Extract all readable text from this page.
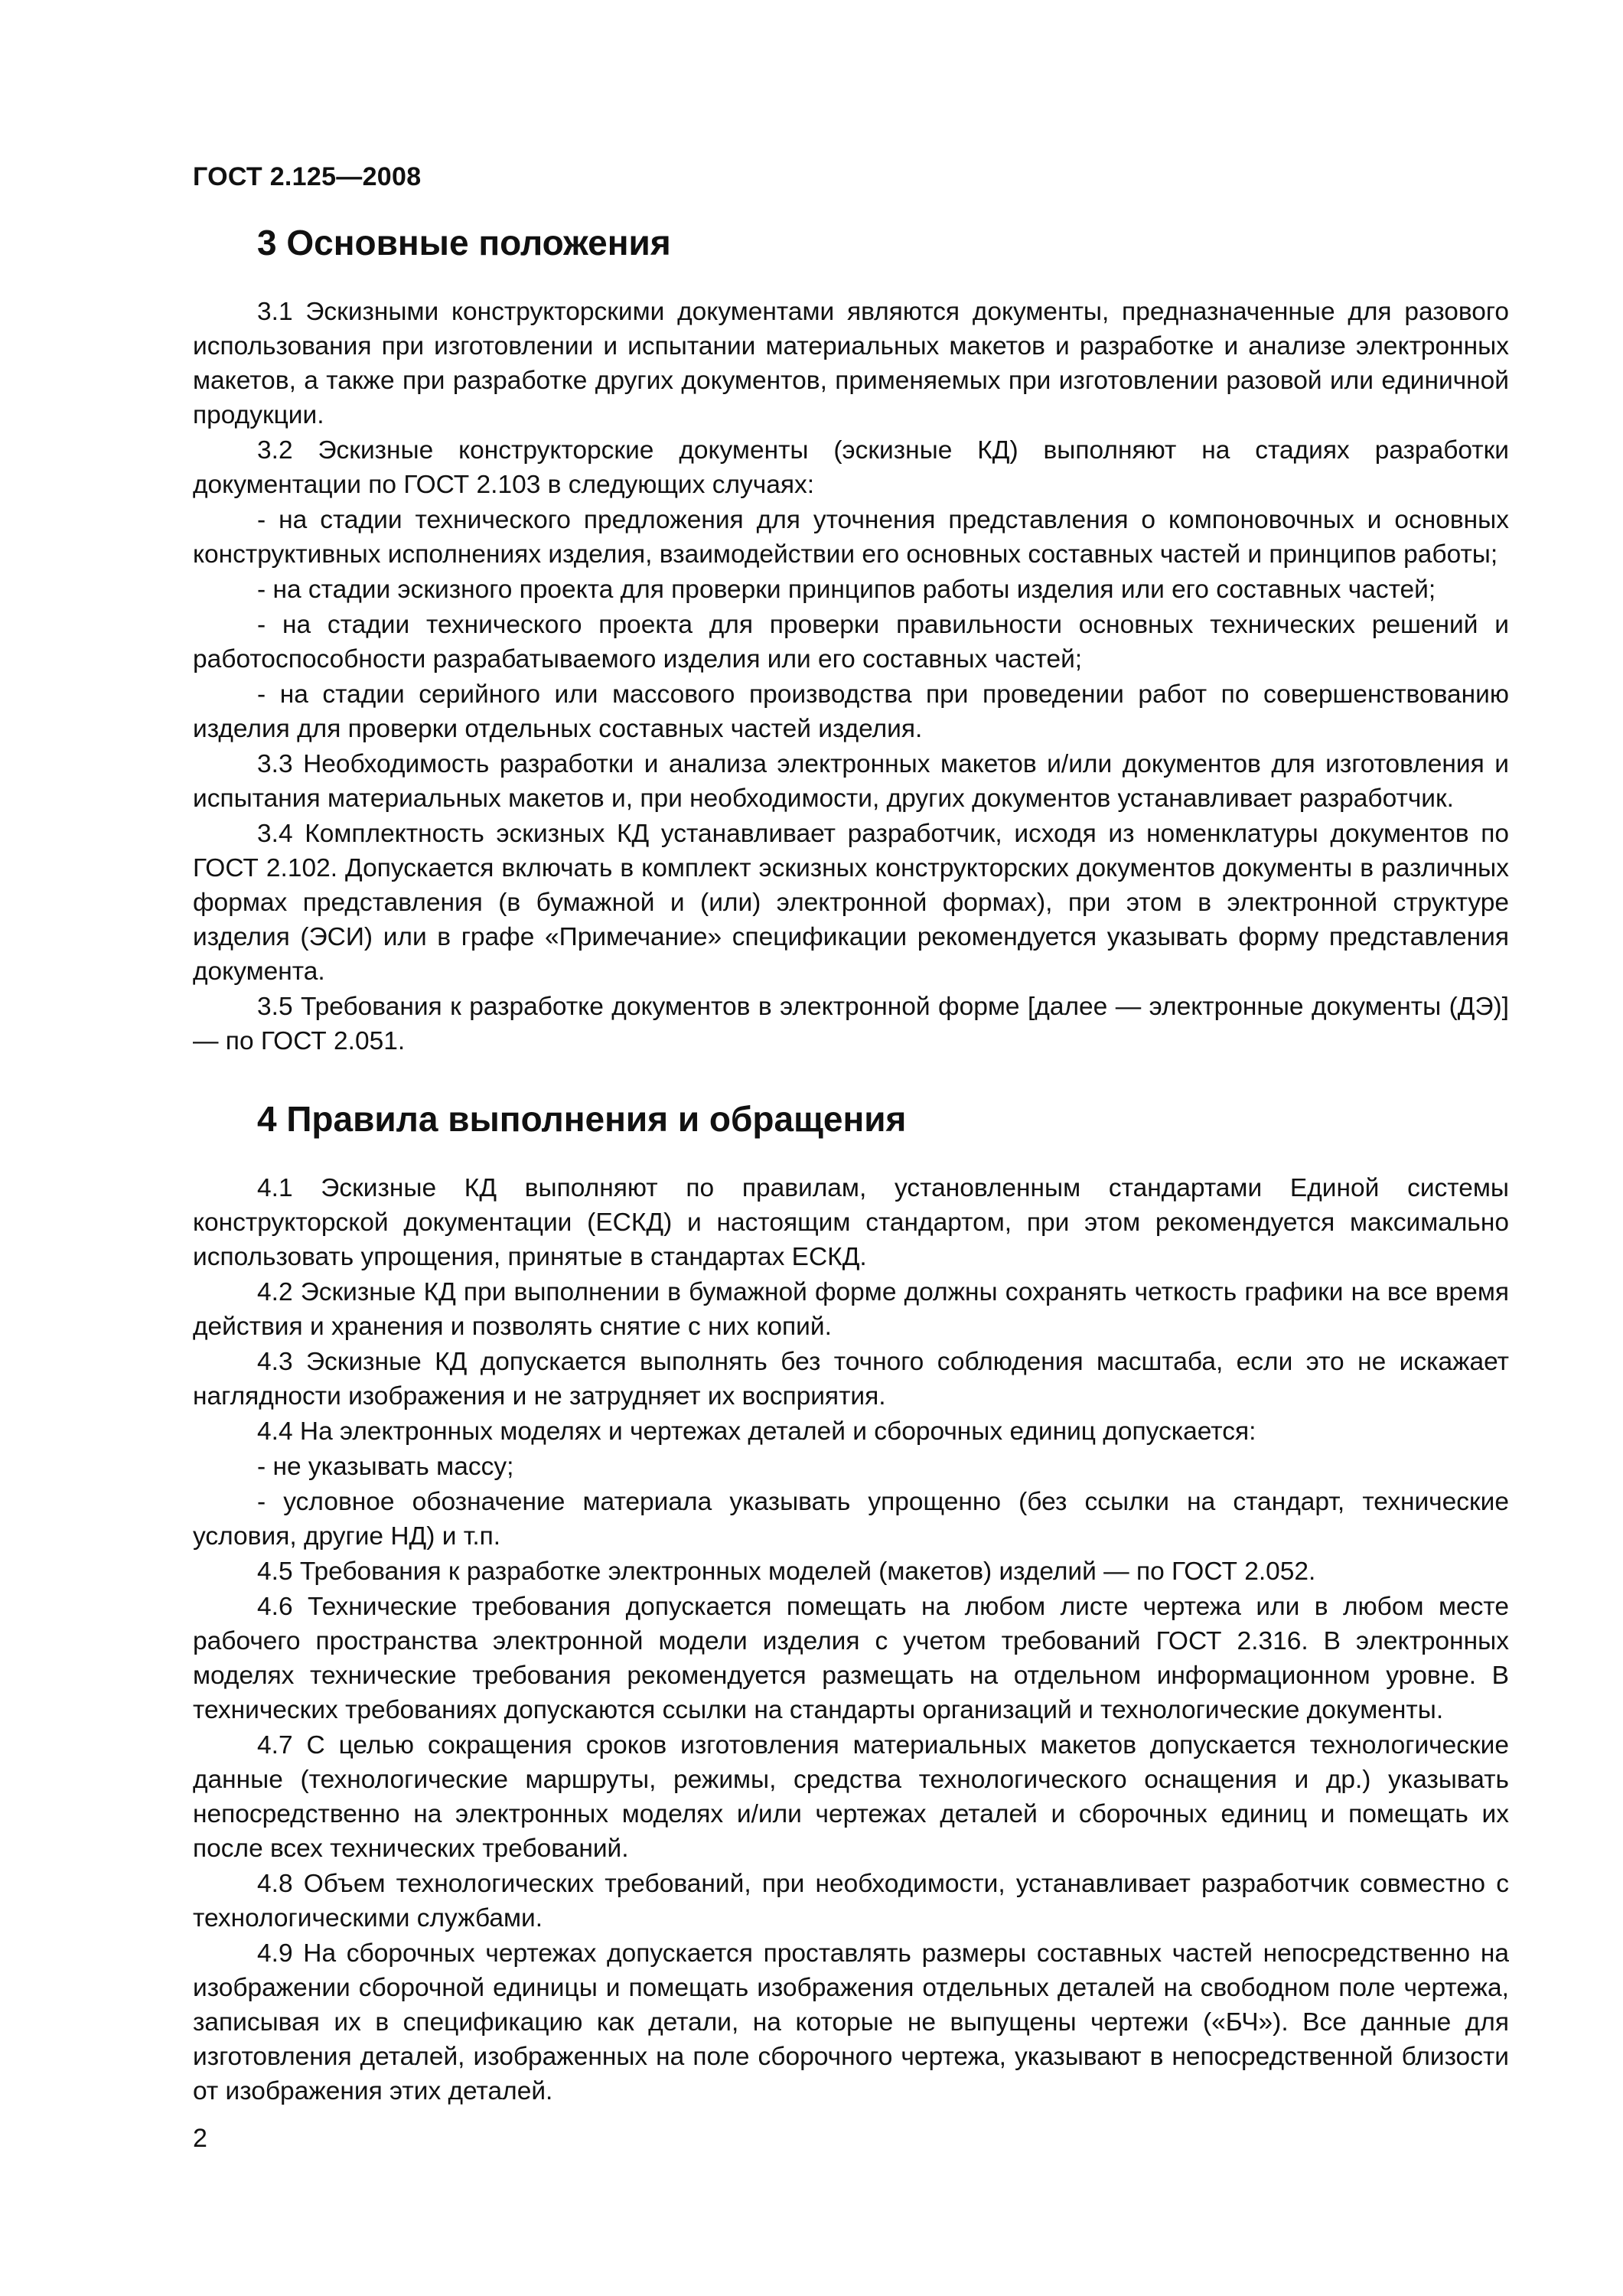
ГОСТ 2.125—2008
3 Основные положения

3.1 Эскизными конструкторскими документами являются документы, предназначенные для разового использования при изготовлении и испытании материальных макетов и разработке и анализе электронных макетов, а также при разработке других документов, применяемых при изготовлении разовой или единичной продукции.

3.2 Эскизные конструкторские документы (эскизные КД) выполняют на стадиях разработки документации по ГОСТ 2.103 в следующих случаях:

- на стадии технического предложения для уточнения представления о компоновочных и основных конструктивных исполнениях изделия, взаимодействии его основных составных частей и принципов работы;

- на стадии эскизного проекта для проверки принципов работы изделия или его составных частей;

- на стадии технического проекта для проверки правильности основных технических решений и работоспособности разрабатываемого изделия или его составных частей;

- на стадии серийного или массового производства при проведении работ по совершенствованию изделия для проверки отдельных составных частей изделия.

3.3 Необходимость разработки и анализа электронных макетов и/или документов для изготовления и испытания материальных макетов и, при необходимости, других документов устанавливает разработчик.

3.4 Комплектность эскизных КД устанавливает разработчик, исходя из номенклатуры документов по ГОСТ 2.102. Допускается включать в комплект эскизных конструкторских документов документы в различных формах представления (в бумажной и (или) электронной формах), при этом в электронной структуре изделия (ЭСИ) или в графе «Примечание» спецификации рекомендуется указывать форму представления документа.

3.5 Требования к разработке документов в электронной форме [далее — электронные документы (ДЭ)] — по ГОСТ 2.051.

4 Правила выполнения и обращения

4.1 Эскизные КД выполняют по правилам, установленным стандартами Единой системы конструкторской документации (ЕСКД) и настоящим стандартом, при этом рекомендуется максимально использовать упрощения, принятые в стандартах ЕСКД.

4.2 Эскизные КД при выполнении в бумажной форме должны сохранять четкость графики на все время действия и хранения и позволять снятие с них копий.

4.3 Эскизные КД допускается выполнять без точного соблюдения масштаба, если это не искажает наглядности изображения и не затрудняет их восприятия.

4.4 На электронных моделях и чертежах деталей и сборочных единиц допускается:

- не указывать массу;

- условное обозначение материала указывать упрощенно (без ссылки на стандарт, технические условия, другие НД) и т.п.

4.5 Требования к разработке электронных моделей (макетов) изделий — по ГОСТ 2.052.

4.6 Технические требования допускается помещать на любом листе чертежа или в любом месте рабочего пространства электронной модели изделия с учетом требований ГОСТ 2.316. В электронных моделях технические требования рекомендуется размещать на отдельном информационном уровне. В технических требованиях допускаются ссылки на стандарты организаций и технологические документы.

4.7 С целью сокращения сроков изготовления материальных макетов допускается технологические данные (технологические маршруты, режимы, средства технологического оснащения и др.) указывать непосредственно на электронных моделях и/или чертежах деталей и сборочных единиц и помещать их после всех технических требований.

4.8 Объем технологических требований, при необходимости, устанавливает разработчик совместно с технологическими службами.

4.9 На сборочных чертежах допускается проставлять размеры составных частей непосредственно на изображении сборочной единицы и помещать изображения отдельных деталей на свободном поле чертежа, записывая их в спецификацию как детали, на которые не выпущены чертежи («БЧ»). Все данные для изготовления деталей, изображенных на поле сборочного чертежа, указывают в непосредственной близости от изображения этих деталей.

2
